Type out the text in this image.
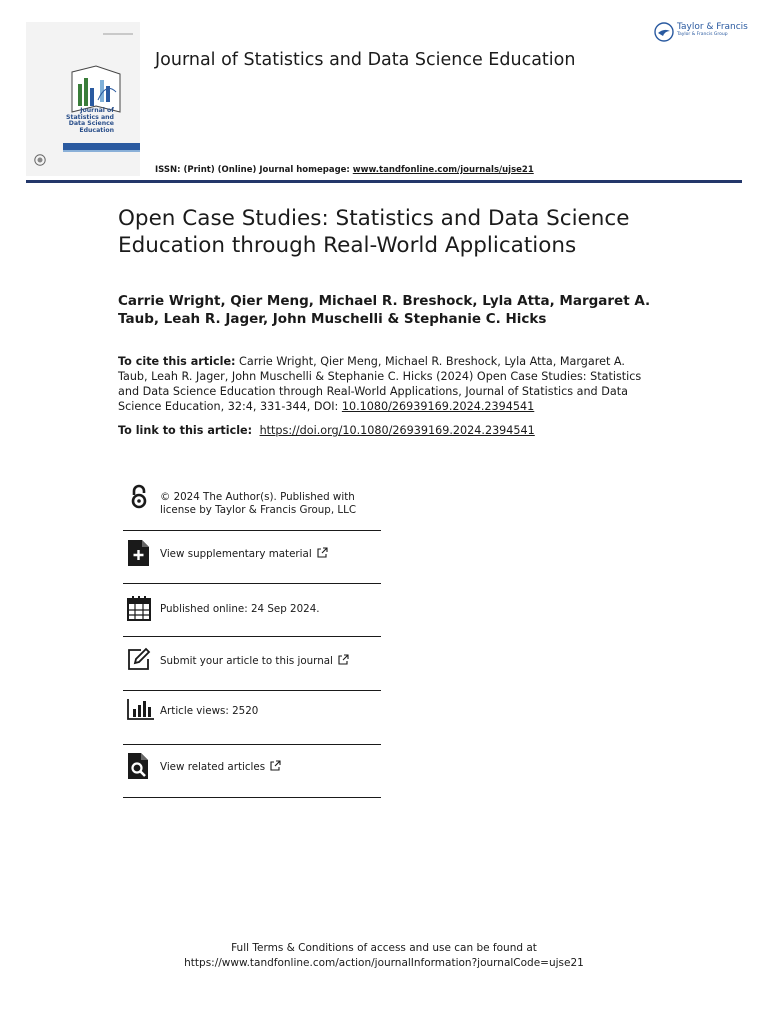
Journal of
Statistics and
Data Science
Education
Journal of Statistics and Data Science Education
ISSN: (Print) (Online) Journal homepage: www.tandfonline.com/journals/ujse21
Taylor & Francis
Taylor & Francis Group
Open Case Studies: Statistics and Data Science Education through Real-World Applications
Carrie Wright, Qier Meng, Michael R. Breshock, Lyla Atta, Margaret A. Taub, Leah R. Jager, John Muschelli & Stephanie C. Hicks
To cite this article: Carrie Wright, Qier Meng, Michael R. Breshock, Lyla Atta, Margaret A. Taub, Leah R. Jager, John Muschelli & Stephanie C. Hicks (2024) Open Case Studies: Statistics and Data Science Education through Real-World Applications, Journal of Statistics and Data Science Education, 32:4, 331-344, DOI: 10.1080/26939169.2024.2394541
To link to this article:  https://doi.org/10.1080/26939169.2024.2394541
© 2024 The Author(s). Published with
license by Taylor & Francis Group, LLC
View supplementary material
Published online: 24 Sep 2024.
Submit your article to this journal
Article views: 2520
View related articles
Full Terms & Conditions of access and use can be found at
https://www.tandfonline.com/action/journalInformation?journalCode=ujse21
